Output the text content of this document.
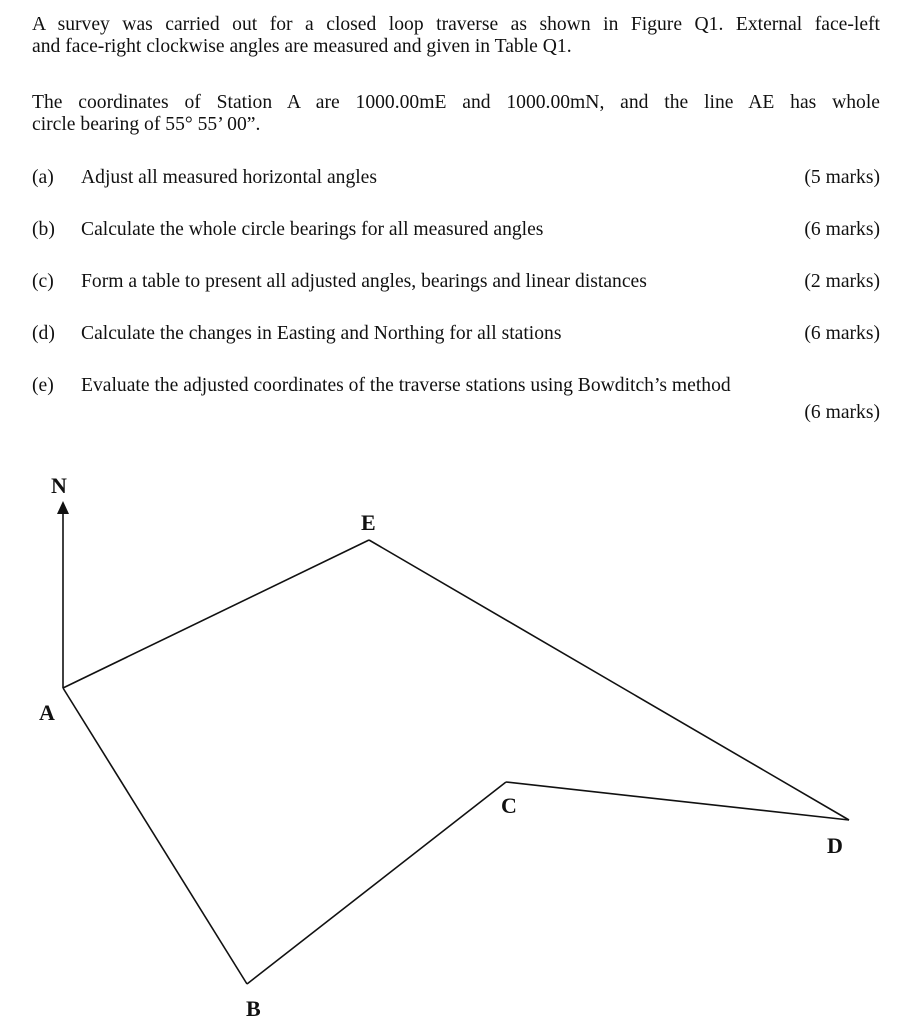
A survey was carried out for a closed loop traverse as shown in Figure Q1. External face-left
and face-right clockwise angles are measured and given in Table Q1.

The coordinates of Station A are 1000.00mE and 1000.00mN, and the line AE has whole
circle bearing of 55° 55’ 00”.

(a) Adjust all measured horizontal angles	(5 marks)
(b) Calculate the whole circle bearings for all measured angles	(6 marks)
(c) Form a table to present all adjusted angles, bearings and linear distances	(2 marks)
(d) Calculate the changes in Easting and Northing for all stations	(6 marks)
(e) Evaluate the adjusted coordinates of the traverse stations using Bowditch’s method
(6 marks)
N
A
B
C
D
E
